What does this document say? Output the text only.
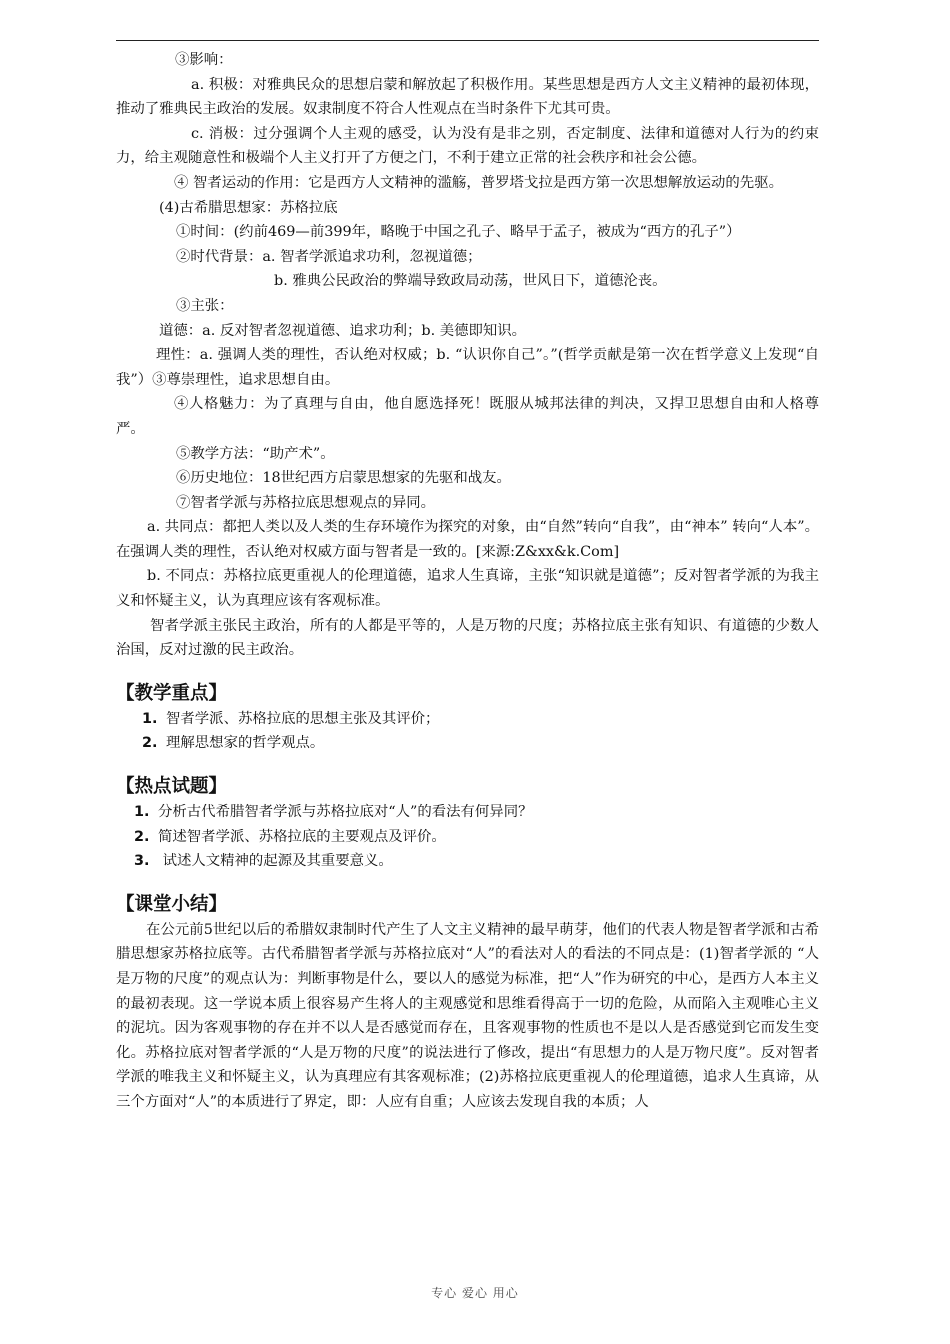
③影响：

a. 积极：对雅典民众的思想启蒙和解放起了积极作用。某些思想是西方人文主义精神的最初体现，推动了雅典民主政治的发展。奴隶制度不符合人性观点在当时条件下尤其可贵。

c. 消极：过分强调个人主观的感受，认为没有是非之别，否定制度、法律和道德对人行为的约束力，给主观随意性和极端个人主义打开了方便之门，不利于建立正常的社会秩序和社会公德。

④ 智者运动的作用：它是西方人文精神的滥觞，普罗塔戈拉是西方第一次思想解放运动的先驱。

(4)古希腊思想家：苏格拉底

①时间：(约前469—前399年，略晚于中国之孔子、略早于孟子，被成为“西方的孔子”）

②时代背景：a. 智者学派追求功利，忽视道德；

b. 雅典公民政治的弊端导致政局动荡，世风日下，道德沦丧。

③主张：

道德：a. 反对智者忽视道德、追求功利；b. 美德即知识。

理性：a. 强调人类的理性，否认绝对权威；b. “认识你自己”。”(哲学贡献是第一次在哲学意义上发现“自我”）③尊崇理性，追求思想自由。

④人格魅力：为了真理与自由，他自愿选择死！既服从城邦法律的判决，又捍卫思想自由和人格尊严。

⑤教学方法：“助产术”。

⑥历史地位：18世纪西方启蒙思想家的先驱和战友。

⑦智者学派与苏格拉底思想观点的异同。

a. 共同点：都把人类以及人类的生存环境作为探究的对象，由“自然”转向“自我”，由“神本” 转向“人本”。 在强调人类的理性，否认绝对权威方面与智者是一致的。[来源:Z&xx&k.Com]

b. 不同点：苏格拉底更重视人的伦理道德，追求人生真谛，主张“知识就是道德”；反对智者学派的为我主义和怀疑主义，认为真理应该有客观标准。

智者学派主张民主政治，所有的人都是平等的，人是万物的尺度；苏格拉底主张有知识、有道德的少数人治国，反对过激的民主政治。

【教学重点】

1. 智者学派、苏格拉底的思想主张及其评价；
2. 理解思想家的哲学观点。

【热点试题】

1. 分析古代希腊智者学派与苏格拉底对“人”的看法有何异同？
2. 简述智者学派、苏格拉底的主要观点及评价。
3. 试述人文精神的起源及其重要意义。

【课堂小结】

在公元前5世纪以后的希腊奴隶制时代产生了人文主义精神的最早萌芽，他们的代表人物是智者学派和古希腊思想家苏格拉底等。古代希腊智者学派与苏格拉底对“人”的看法对人的看法的不同点是：(1)智者学派的 “人是万物的尺度”的观点认为：判断事物是什么，要以人的感觉为标准，把“人”作为研究的中心，是西方人本主义的最初表现。这一学说本质上很容易产生将人的主观感觉和思维看得高于一切的危险，从而陷入主观唯心主义的泥坑。因为客观事物的存在并不以人是否感觉而存在，且客观事物的性质也不是以人是否感觉到它而发生变化。苏格拉底对智者学派的“人是万物的尺度”的说法进行了修改，提出“有思想力的人是万物尺度”。反对智者学派的唯我主义和怀疑主义，认为真理应有其客观标准；(2)苏格拉底更重视人的伦理道德，追求人生真谛，从三个方面对“人”的本质进行了界定，即：人应有自重；人应该去发现自我的本质；人

专心 爱心 用心
